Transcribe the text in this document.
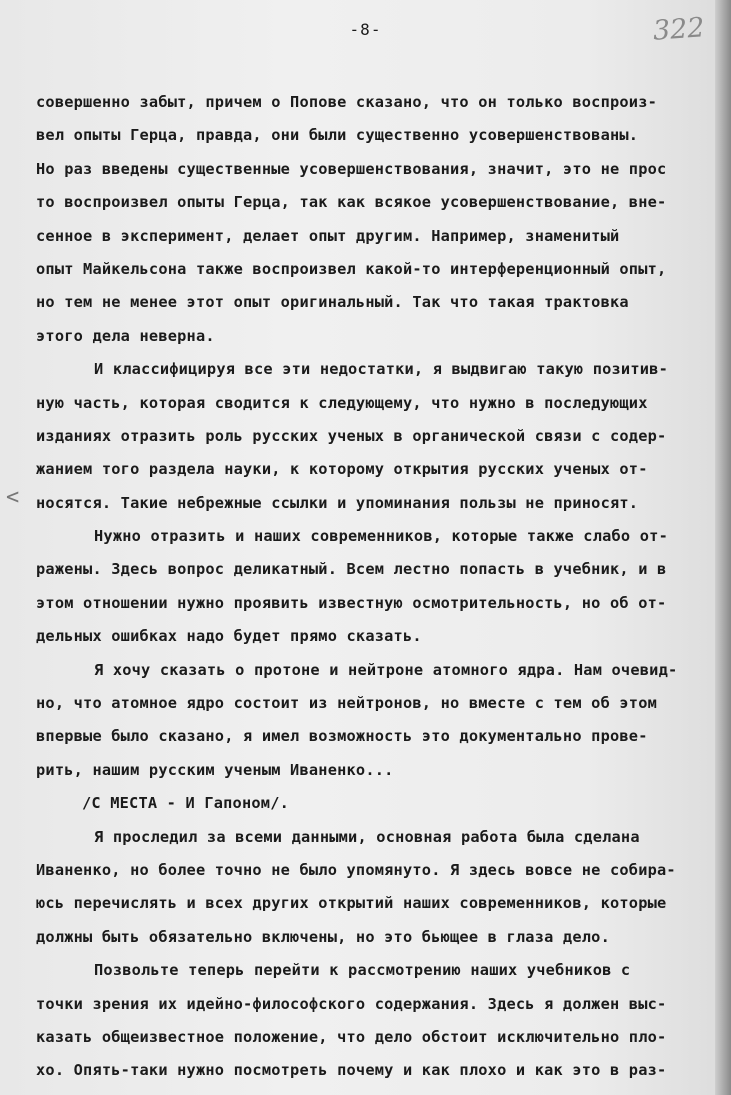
-8-	322
<
совершенно забыт, причем о Попове сказано, что он только воспроиз-
вел опыты Герца, правда, они были существенно усовершенствованы.
Но раз введены существенные усовершенствования, значит, это не прос
то воспроизвел опыты Герца, так как всякое усовершенствование, вне-
сенное в эксперимент, делает опыт другим. Например, знаменитый
опыт Майкельсона также воспроизвел какой-то интерференционный опыт,
но тем не менее этот опыт оригинальный. Так что такая трактовка
этого дела неверна.
И классифицируя все эти недостатки, я выдвигаю такую позитив-
ную часть, которая сводится к следующему, что нужно в последующих
изданиях отразить роль русских ученых в органической связи с содер-
жанием того раздела науки, к которому открытия русских ученых от-
носятся. Такие небрежные ссылки и упоминания пользы не приносят.
Нужно отразить и наших современников, которые также слабо от-
ражены. Здесь вопрос деликатный. Всем лестно попасть в учебник, и в
этом отношении нужно проявить известную осмотрительность, но об от-
дельных ошибках надо будет прямо сказать.
Я хочу сказать о протоне и нейтроне атомного ядра. Нам очевид-
но, что атомное ядро состоит из нейтронов, но вместе с тем об этом
впервые было сказано, я имел возможность это документально прове-
рить, нашим русским ученым Иваненко...
/С МЕСТА - И Гапоном/.
Я проследил за всеми данными, основная работа была сделана
Иваненко, но более точно не было упомянуто. Я здесь вовсе не собира-
юсь перечислять и всех других открытий наших современников, которые
должны быть обязательно включены, но это бьющее в глаза дело.
Позвольте теперь перейти к рассмотрению наших учебников с
точки зрения их идейно-философского содержания. Здесь я должен выс-
казать общеизвестное положение, что дело обстоит исключительно пло-
хо. Опять-таки нужно посмотреть почему и как плохо и как это в раз-
